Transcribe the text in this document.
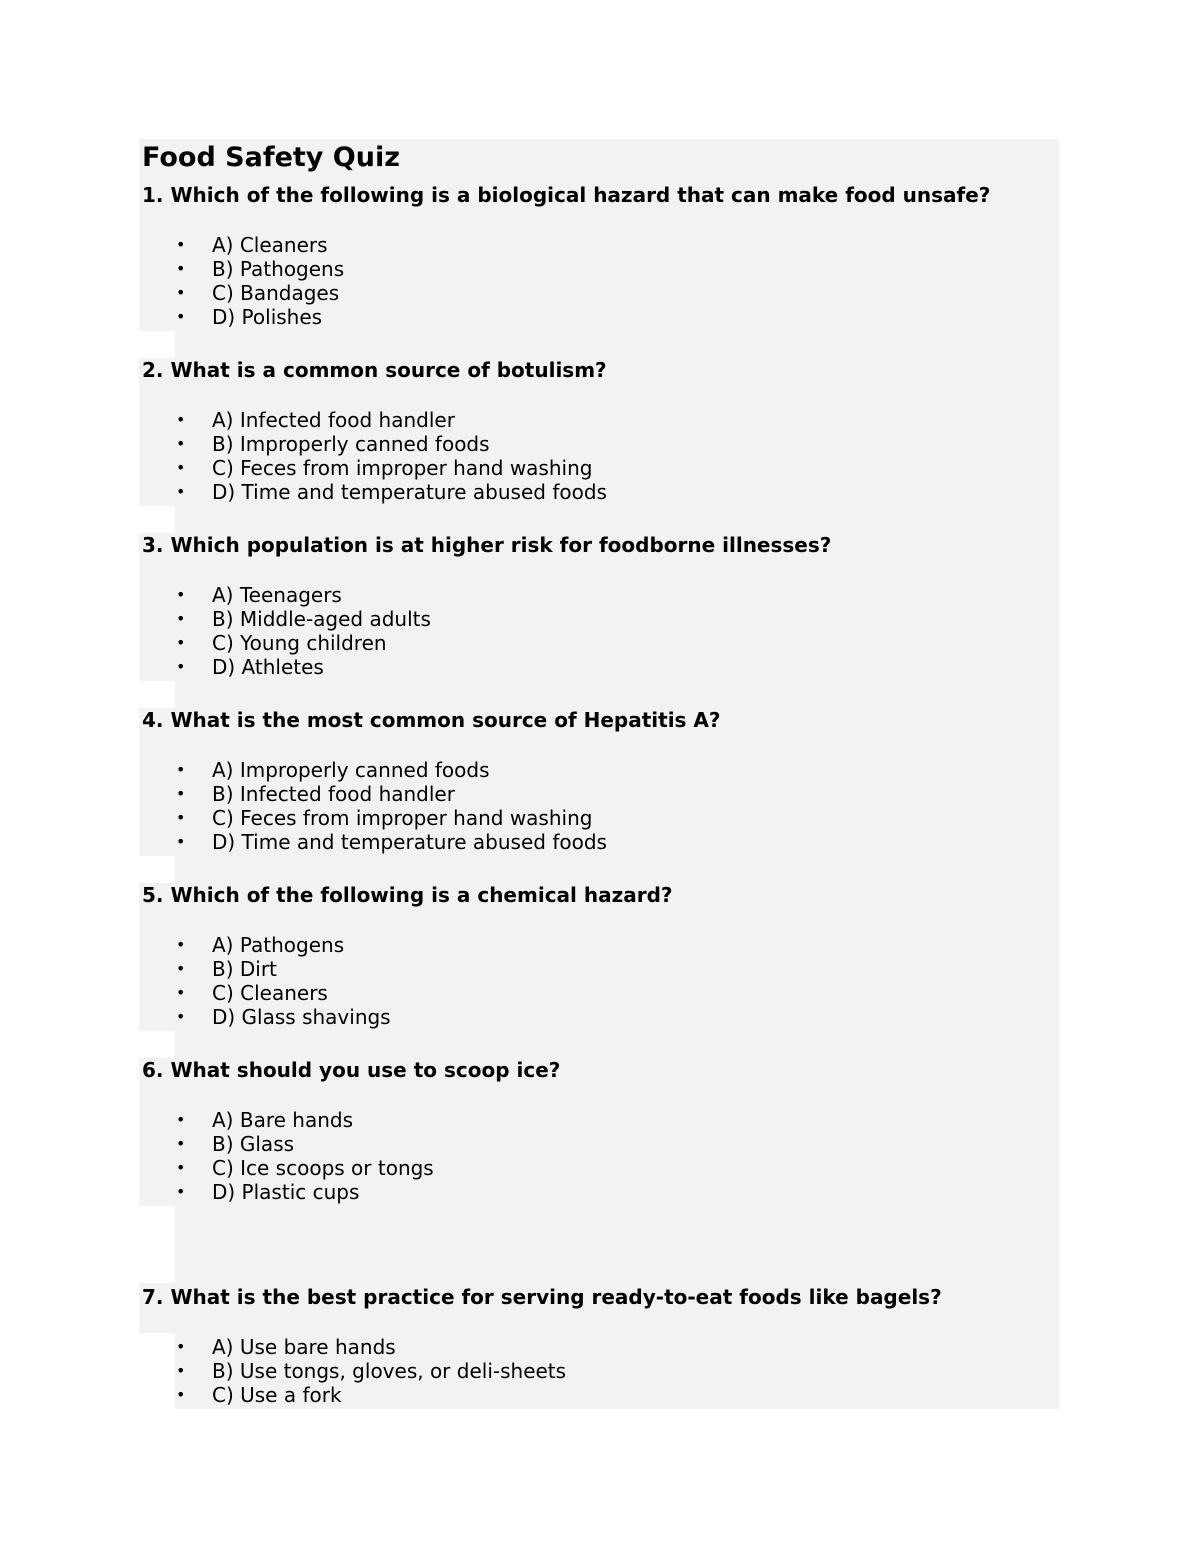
Food Safety Quiz

1. Which of the following is a biological hazard that can make food unsafe?

• A) Cleaners
• B) Pathogens
• C) Bandages
• D) Polishes

2. What is a common source of botulism?

• A) Infected food handler
• B) Improperly canned foods
• C) Feces from improper hand washing
• D) Time and temperature abused foods

3. Which population is at higher risk for foodborne illnesses?

• A) Teenagers
• B) Middle-aged adults
• C) Young children
• D) Athletes

4. What is the most common source of Hepatitis A?

• A) Improperly canned foods
• B) Infected food handler
• C) Feces from improper hand washing
• D) Time and temperature abused foods

5. Which of the following is a chemical hazard?

• A) Pathogens
• B) Dirt
• C) Cleaners
• D) Glass shavings

6. What should you use to scoop ice?

• A) Bare hands
• B) Glass
• C) Ice scoops or tongs
• D) Plastic cups

7. What is the best practice for serving ready-to-eat foods like bagels?

• A) Use bare hands
• B) Use tongs, gloves, or deli-sheets
• C) Use a fork
